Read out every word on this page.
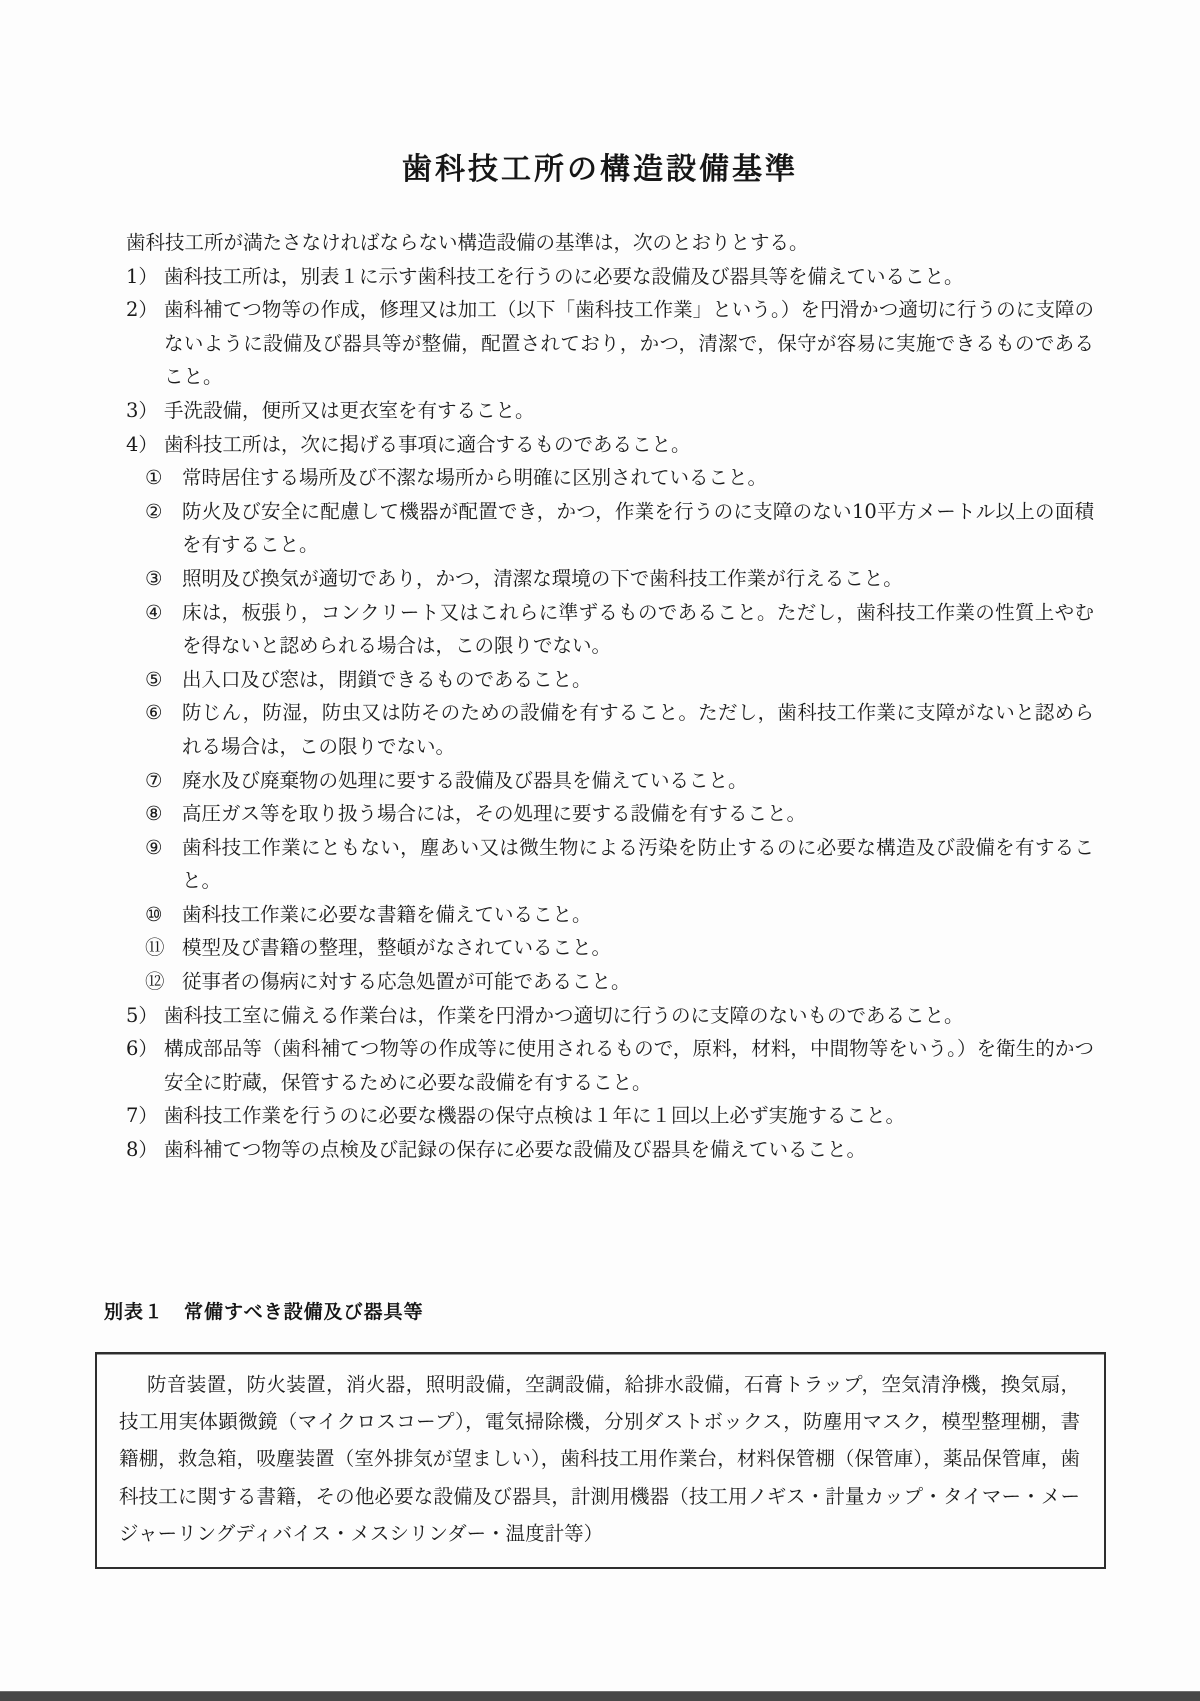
歯科技工所の構造設備基準

歯科技工所が満たさなければならない構造設備の基準は，次のとおりとする。

1） 歯科技工所は，別表１に示す歯科技工を行うのに必要な設備及び器具等を備えていること。
2） 歯科補てつ物等の作成，修理又は加工（以下「歯科技工作業」という。）を円滑かつ適切に行うのに支障のないように設備及び器具等が整備，配置されており，かつ，清潔で，保守が容易に実施できるものであること。
3） 手洗設備，便所又は更衣室を有すること。
4） 歯科技工所は，次に掲げる事項に適合するものであること。
①	常時居住する場所及び不潔な場所から明確に区別されていること。
②	防火及び安全に配慮して機器が配置でき，かつ，作業を行うのに支障のない10平方メートル以上の面積を有すること。
③	照明及び換気が適切であり，かつ，清潔な環境の下で歯科技工作業が行えること。
④	床は，板張り，コンクリート又はこれらに準ずるものであること。ただし，歯科技工作業の性質上やむを得ないと認められる場合は，この限りでない。
⑤	出入口及び窓は，閉鎖できるものであること。
⑥	防じん，防湿，防虫又は防そのための設備を有すること。ただし，歯科技工作業に支障がないと認められる場合は，この限りでない。
⑦	廃水及び廃棄物の処理に要する設備及び器具を備えていること。
⑧	高圧ガス等を取り扱う場合には，その処理に要する設備を有すること。
⑨	歯科技工作業にともない，塵あい又は微生物による汚染を防止するのに必要な構造及び設備を有すること。
⑩	歯科技工作業に必要な書籍を備えていること。
⑪ 模型及び書籍の整理，整頓がなされていること。
⑫ 従事者の傷病に対する応急処置が可能であること。
5） 歯科技工室に備える作業台は，作業を円滑かつ適切に行うのに支障のないものであること。
6） 構成部品等（歯科補てつ物等の作成等に使用されるもので，原料，材料，中間物等をいう。）を衛生的かつ安全に貯蔵，保管するために必要な設備を有すること。
7） 歯科技工作業を行うのに必要な機器の保守点検は１年に１回以上必ず実施すること。
8） 歯科補てつ物等の点検及び記録の保存に必要な設備及び器具を備えていること。
別表１　常備すべき設備及び器具等

防音装置，防火装置，消火器，照明設備，空調設備，給排水設備，石膏トラップ，空気清浄機，換気扇，技工用実体顕微鏡（マイクロスコープ），電気掃除機，分別ダストボックス，防塵用マスク，模型整理棚，書籍棚，救急箱，吸塵装置（室外排気が望ましい），歯科技工用作業台，材料保管棚（保管庫），薬品保管庫，歯科技工に関する書籍，その他必要な設備及び器具，計測用機器（技工用ノギス・計量カップ・タイマー・メージャーリングディバイス・メスシリンダー・温度計等）
